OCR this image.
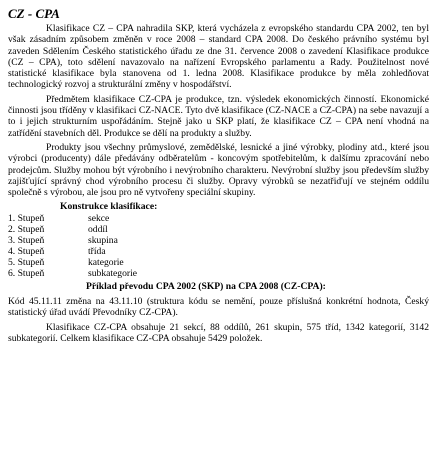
CZ - CPA

Klasifikace CZ – CPA nahradila SKP, která vycházela z evropského standardu CPA 2002, ten byl však zásadním způsobem změněn v roce 2008 – standard CPA 2008. Do českého právního systému byl zaveden Sdělením Českého statistického úřadu ze dne 31. července 2008 o zavedení Klasifikace produkce (CZ – CPA), toto sdělení navazovalo na nařízení Evropského parlamentu a Rady. Použitelnost nové statistické klasifikace byla stanovena od 1. ledna 2008. Klasifikace produkce by měla zohledňovat technologický rozvoj a strukturální změny v hospodářství.

Předmětem klasifikace CZ-CPA je produkce, tzn. výsledek ekonomických činností. Ekonomické činnosti jsou tříděny v klasifikaci CZ-NACE. Tyto dvě klasifikace (CZ-NACE a CZ-CPA) na sebe navazují a to i jejich strukturním uspořádáním. Stejně jako u SKP platí, že klasifikace CZ – CPA není vhodná na zatřídění stavebních děl. Produkce se dělí na produkty a služby.

Produkty jsou všechny průmyslové, zemědělské, lesnické a jiné výrobky, plodiny atd., které jsou výrobci (producenty) dále předávány odběratelům - koncovým spotřebitelům, k dalšímu zpracování nebo prodejcům. Služby mohou být výrobního i nevýrobního charakteru. Nevýrobní služby jsou především služby zajišťující správný chod výrobního procesu či služby. Opravy výrobků se nezatřiďují ve stejném oddílu společně s výrobou, ale jsou pro ně vytvořeny speciální skupiny.

Konstrukce klasifikace:
1. Stupeň	sekce
2. Stupeň	oddíl
3. Stupeň	skupina
4. Stupeň	třída
5. Stupeň	kategorie
6. Stupeň	subkategorie
Příklad převodu CPA 2002 (SKP) na CPA 2008 (CZ-CPA):

Kód 45.11.11 změna na 43.11.10 (struktura kódu se nemění, pouze příslušná konkrétní hodnota, Český statistický úřad uvádí Převodníky CZ-CPA).

Klasifikace CZ-CPA obsahuje 21 sekcí, 88 oddílů, 261 skupin, 575 tříd, 1342 kategorií, 3142 subkategorií. Celkem klasifikace CZ-CPA obsahuje 5429 položek.
